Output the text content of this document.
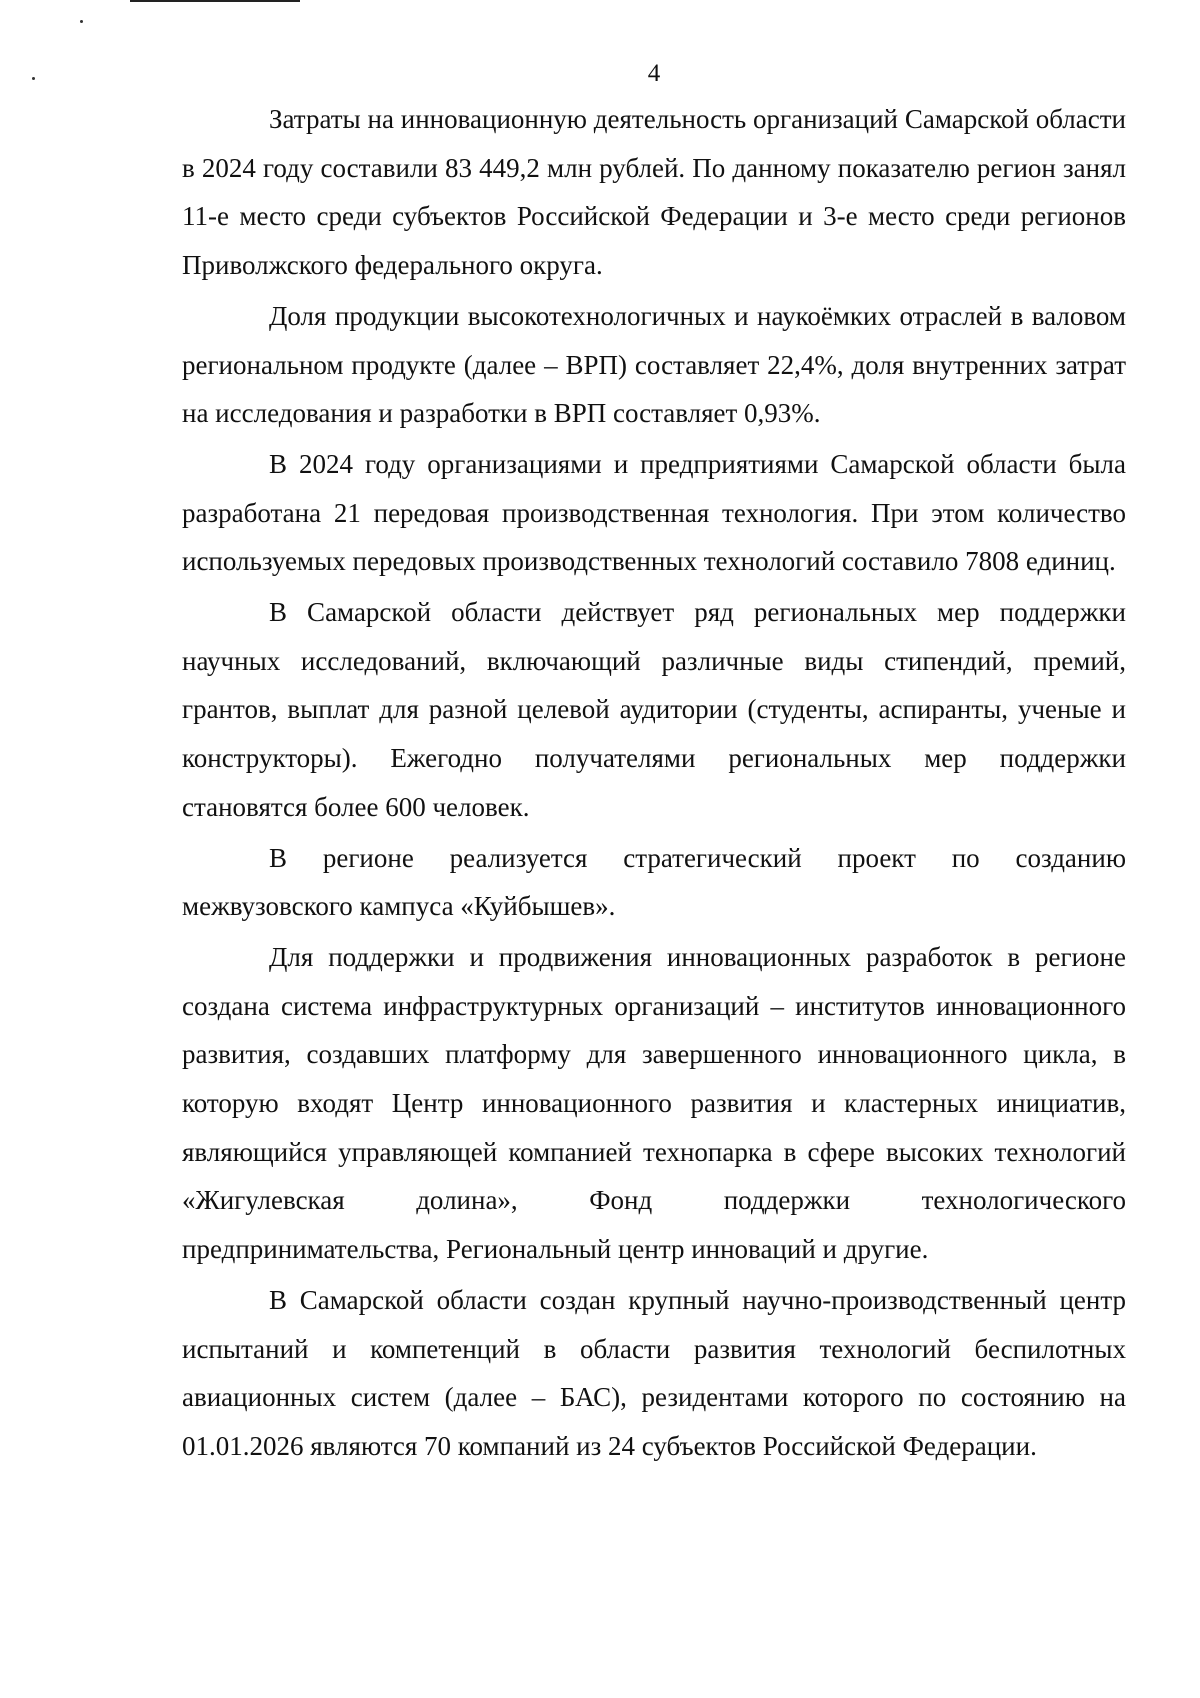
4

Затраты на инновационную деятельность организаций Самарской области в 2024 году составили 83 449,2 млн рублей. По данному показателю регион занял 11-е место среди субъектов Российской Федерации и 3-е место среди регионов Приволжского федерального округа.

Доля продукции высокотехнологичных и наукоёмких отраслей в валовом региональном продукте (далее – ВРП) составляет 22,4%, доля внутренних затрат на исследования и разработки в ВРП составляет 0,93%.

В 2024 году организациями и предприятиями Самарской области была разработана 21 передовая производственная технология. При этом количество используемых передовых производственных технологий составило 7808 единиц.

В Самарской области действует ряд региональных мер поддержки научных исследований, включающий различные виды стипендий, премий, грантов, выплат для разной целевой аудитории (студенты, аспиранты, ученые и конструкторы). Ежегодно получателями региональных мер поддержки становятся более 600 человек.

В регионе реализуется стратегический проект по созданию межвузовского кампуса «Куйбышев».

Для поддержки и продвижения инновационных разработок в регионе создана система инфраструктурных организаций – институтов инновационного развития, создавших платформу для завершенного инновационного цикла, в которую входят Центр инновационного развития и кластерных инициатив, являющийся управляющей компанией технопарка в сфере высоких технологий «Жигулевская долина», Фонд поддержки технологического предпринимательства, Региональный центр инноваций и другие.

В Самарской области создан крупный научно-производственный центр испытаний и компетенций в области развития технологий беспилотных авиационных систем (далее – БАС), резидентами которого по состоянию на 01.01.2026 являются 70 компаний из 24 субъектов Российской Федерации.
